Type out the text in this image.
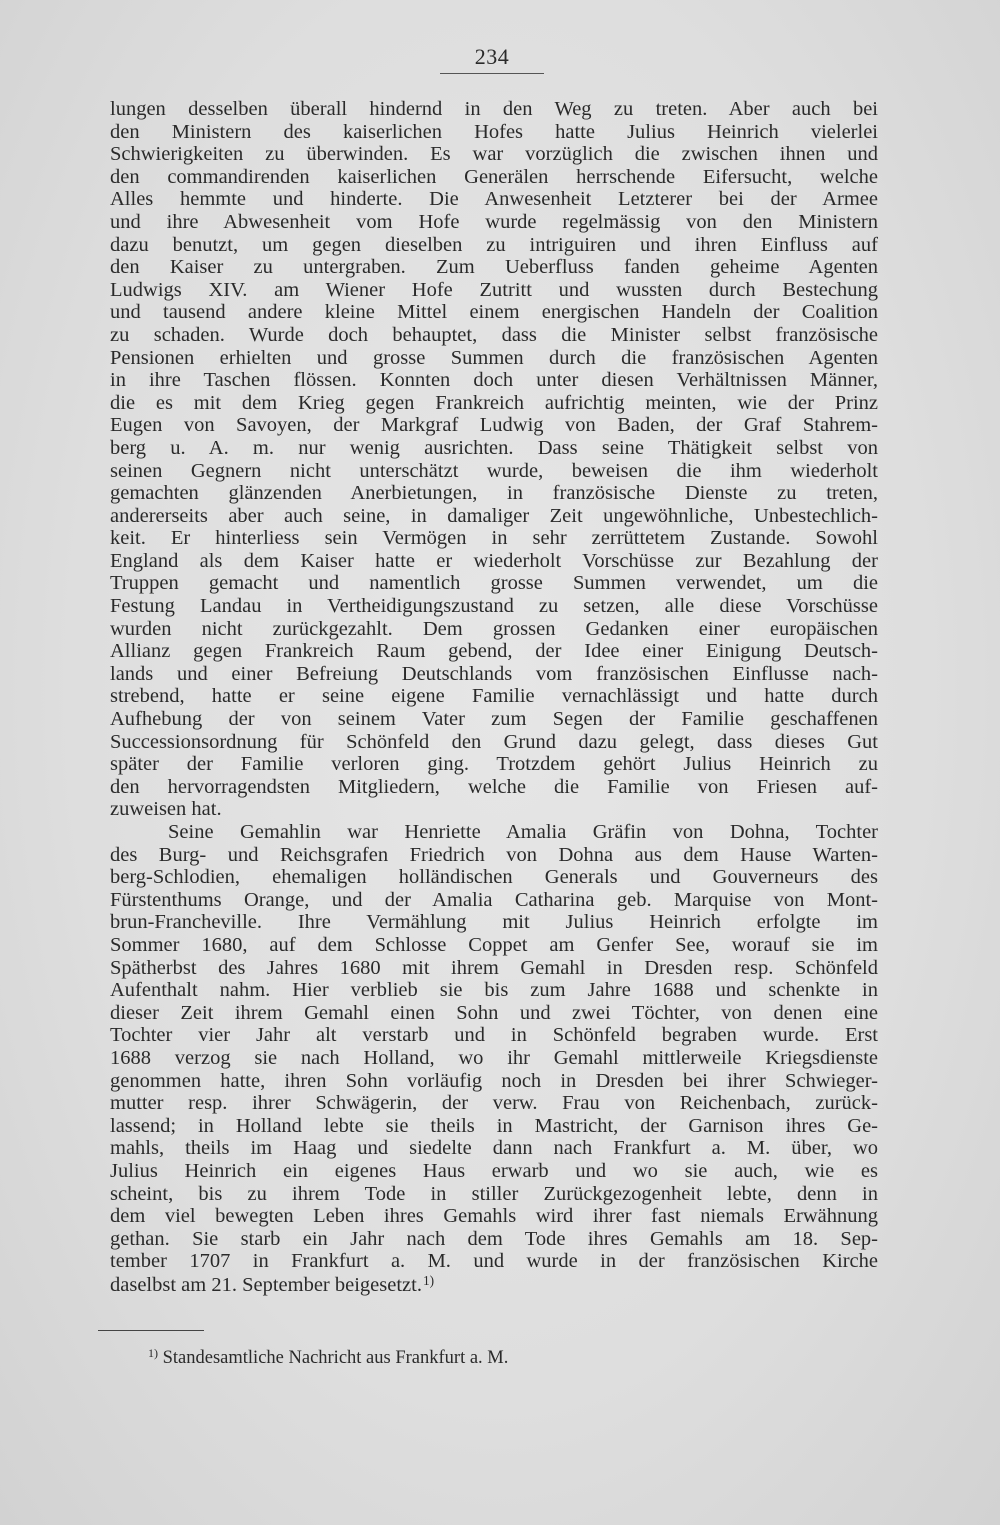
234
lungen desselben überall hindernd in den Weg zu treten. Aber auch bei
den Ministern des kaiserlichen Hofes hatte Julius Heinrich vielerlei
Schwierigkeiten zu überwinden. Es war vorzüglich die zwischen ihnen und
den commandirenden kaiserlichen Generälen herrschende Eifersucht, welche
Alles hemmte und hinderte. Die Anwesenheit Letzterer bei der Armee
und ihre Abwesenheit vom Hofe wurde regelmässig von den Ministern
dazu benutzt, um gegen dieselben zu intriguiren und ihren Einfluss auf
den Kaiser zu untergraben. Zum Ueberfluss fanden geheime Agenten
Ludwigs XIV. am Wiener Hofe Zutritt und wussten durch Bestechung
und tausend andere kleine Mittel einem energischen Handeln der Coalition
zu schaden. Wurde doch behauptet, dass die Minister selbst französische
Pensionen erhielten und grosse Summen durch die französischen Agenten
in ihre Taschen flössen. Konnten doch unter diesen Verhältnissen Männer,
die es mit dem Krieg gegen Frankreich aufrichtig meinten, wie der Prinz
Eugen von Savoyen, der Markgraf Ludwig von Baden, der Graf Stahrem-
berg u. A. m. nur wenig ausrichten. Dass seine Thätigkeit selbst von
seinen Gegnern nicht unterschätzt wurde, beweisen die ihm wiederholt
gemachten glänzenden Anerbietungen, in französische Dienste zu treten,
andererseits aber auch seine, in damaliger Zeit ungewöhnliche, Unbestechlich-
keit. Er hinterliess sein Vermögen in sehr zerrüttetem Zustande. Sowohl
England als dem Kaiser hatte er wiederholt Vorschüsse zur Bezahlung der
Truppen gemacht und namentlich grosse Summen verwendet, um die
Festung Landau in Vertheidigungszustand zu setzen, alle diese Vorschüsse
wurden nicht zurückgezahlt. Dem grossen Gedanken einer europäischen
Allianz gegen Frankreich Raum gebend, der Idee einer Einigung Deutsch-
lands und einer Befreiung Deutschlands vom französischen Einflusse nach-
strebend, hatte er seine eigene Familie vernachlässigt und hatte durch
Aufhebung der von seinem Vater zum Segen der Familie geschaffenen
Successionsordnung für Schönfeld den Grund dazu gelegt, dass dieses Gut
später der Familie verloren ging. Trotzdem gehört Julius Heinrich zu
den hervorragendsten Mitgliedern, welche die Familie von Friesen auf-
zuweisen hat.
Seine Gemahlin war Henriette Amalia Gräfin von Dohna, Tochter
des Burg- und Reichsgrafen Friedrich von Dohna aus dem Hause Warten-
berg-Schlodien, ehemaligen holländischen Generals und Gouverneurs des
Fürstenthums Orange, und der Amalia Catharina geb. Marquise von Mont-
brun-Francheville. Ihre Vermählung mit Julius Heinrich erfolgte im
Sommer 1680, auf dem Schlosse Coppet am Genfer See, worauf sie im
Spätherbst des Jahres 1680 mit ihrem Gemahl in Dresden resp. Schönfeld
Aufenthalt nahm. Hier verblieb sie bis zum Jahre 1688 und schenkte in
dieser Zeit ihrem Gemahl einen Sohn und zwei Töchter, von denen eine
Tochter vier Jahr alt verstarb und in Schönfeld begraben wurde. Erst
1688 verzog sie nach Holland, wo ihr Gemahl mittlerweile Kriegsdienste
genommen hatte, ihren Sohn vorläufig noch in Dresden bei ihrer Schwieger-
mutter resp. ihrer Schwägerin, der verw. Frau von Reichenbach, zurück-
lassend; in Holland lebte sie theils in Mastricht, der Garnison ihres Ge-
mahls, theils im Haag und siedelte dann nach Frankfurt a. M. über, wo
Julius Heinrich ein eigenes Haus erwarb und wo sie auch, wie es
scheint, bis zu ihrem Tode in stiller Zurückgezogenheit lebte, denn in
dem viel bewegten Leben ihres Gemahls wird ihrer fast niemals Erwähnung
gethan. Sie starb ein Jahr nach dem Tode ihres Gemahls am 18. Sep-
tember 1707 in Frankfurt a. M. und wurde in der französischen Kirche
daselbst am 21. September beigesetzt.$^{1)}$
$^{1)}$ Standesamtliche Nachricht aus Frankfurt a. M.
